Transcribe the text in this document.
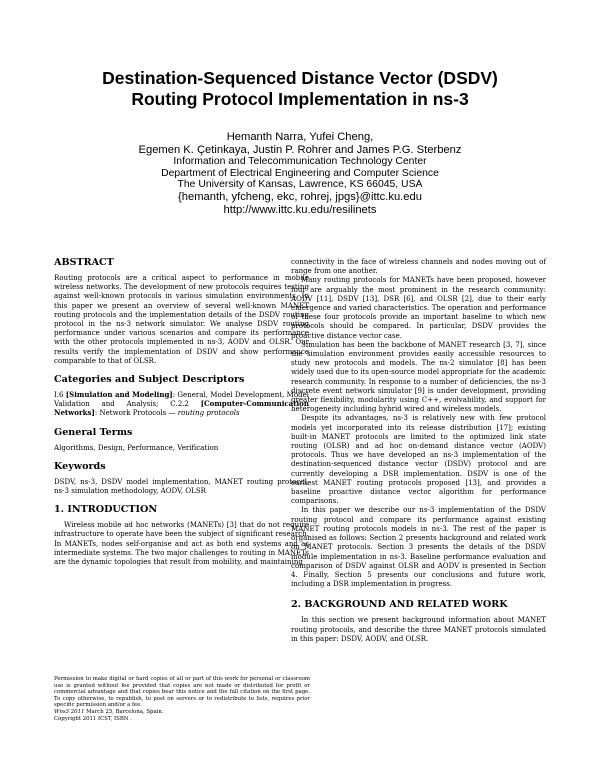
Destination-Sequenced Distance Vector (DSDV)
Routing Protocol Implementation in ns-3
Hemanth Narra, Yufei Cheng,
Egemen K. Çetinkaya, Justin P. Rohrer and James P.G. Sterbenz
Information and Telecommunication Technology Center
Department of Electrical Engineering and Computer Science
The University of Kansas, Lawrence, KS 66045, USA
{hemanth, yfcheng, ekc, rohrej, jpgs}@ittc.ku.edu
http://www.ittc.ku.edu/resilinets
ABSTRACT

Routing protocols are a critical aspect to performance in mobile wireless networks. The development of new protocols requires testing against well-known protocols in various simulation environments. In this paper we present an overview of several well-known MANET routing protocols and the implementation details of the DSDV routing protocol in the ns-3 network simulator. We analyse DSDV routing performance under various scenarios and compare its performance with the other protocols implemented in ns-3, AODV and OLSR. Our results verify the implementation of DSDV and show performance comparable to that of OLSR.

Categories and Subject Descriptors

I.6 [Simulation and Modeling]: General, Model Development, Model Validation and Analysis; C.2.2 [Computer-Communication Networks]: Network Protocols — routing protocols

General Terms

Algorithms, Design, Performance, Verification

Keywords

DSDV, ns-3, DSDV model implementation, MANET routing protocol, ns-3 simulation methodology, AODV, OLSR

1. INTRODUCTION

Wireless mobile ad hoc networks (MANETs) [3] that do not require infrastructure to operate have been the subject of significant research. In MANETs, nodes self-organise and act as both end systems and as intermediate systems. The two major challenges to routing in MANETs are the dynamic topologies that result from mobility, and maintaining

connectivity in the face of wireless channels and nodes moving out of range from one another.

Many routing protocols for MANETs have been proposed, however four are arguably the most prominent in the research community: AODV [11], DSDV [13], DSR [6], and OLSR [2], due to their early emergence and varied characteristics. The operation and performance of these four protocols provide an important baseline to which new protocols should be compared. In particular, DSDV provides the proactive distance vector case.

Simulation has been the backbone of MANET research [3, 7], since the simulation environment provides easily accessible resources to study new protocols and models. The ns-2 simulator [8] has been widely used due to its open-source model appropriate for the academic research community. In response to a number of deficiencies, the ns-3 discrete event network simulator [9] is under development, providing greater flexibility, modularity using C++, evolvability, and support for heterogeneity including hybrid wired and wireless models.

Despite its advantages, ns-3 is relatively new with few protocol models yet incorporated into its release distribution [17]; existing built-in MANET protocols are limited to the optimized link state routing (OLSR) and ad hoc on-demand distance vector (AODV) protocols. Thus we have developed an ns-3 implementation of the destination-sequenced distance vector (DSDV) protocol and are currently developing a DSR implementation. DSDV is one of the earliest MANET routing protocols proposed [13], and provides a baseline proactive distance vector algorithm for performance comparisons.

In this paper we describe our ns-3 implementation of the DSDV routing protocol and compare its performance against existing MANET routing protocols models in ns-3. The rest of the paper is organised as follows: Section 2 presents background and related work on MANET protocols. Section 3 presents the details of the DSDV module implementation in ns-3. Baseline performance evaluation and comparison of DSDV against OLSR and AODV is presented in Section 4. Finally, Section 5 presents our conclusions and future work, including a DSR implementation in progress.

2. BACKGROUND AND RELATED WORK

In this section we present background information about MANET routing protocols, and describe the three MANET protocols simulated in this paper: DSDV, AODV, and OLSR.

Permission to make digital or hard copies of all or part of this work for personal or classroom use is granted without fee provided that copies are not made or distributed for profit or commercial advantage and that copies bear this notice and the full citation on the first page. To copy otherwise, to republish, to post on servers or to redistribute to lists, requires prior specific permission and/or a fee.

Wns3 2011 March 25, Barcelona, Spain.

Copyright 2011 ICST, ISBN .
